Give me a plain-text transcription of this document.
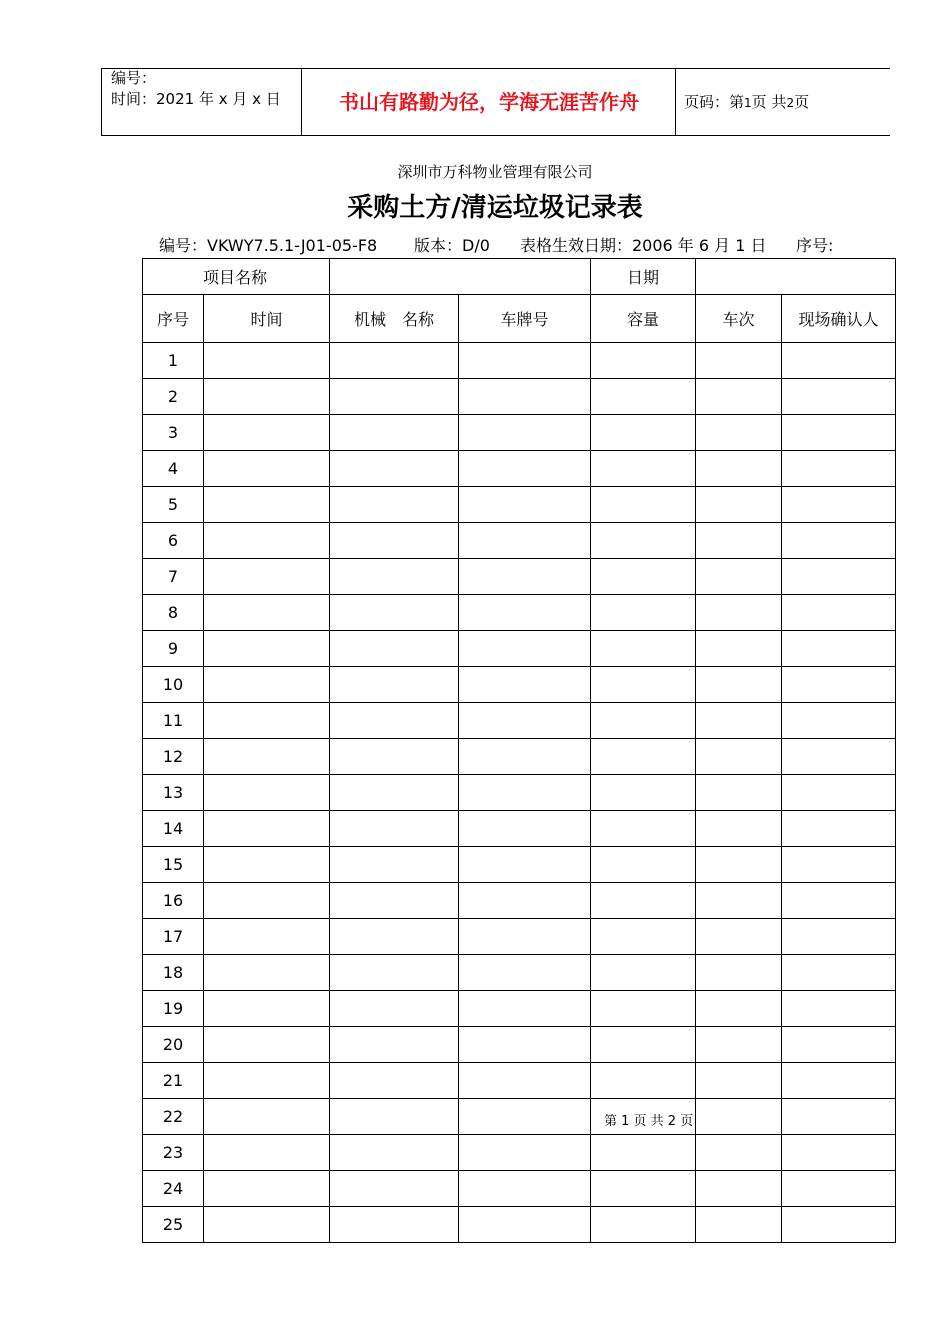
编号：
时间：2021 年 x 月 x 日	书山有路勤为径，学海无涯苦作舟	页码：第1页 共2页
深圳市万科物业管理有限公司
采购土方/清运垃圾记录表
编号：VKWY7.5.1-J01-05-F8 版本：D/0 表格生效日期：2006 年 6 月 1 日 序号:
项目名称				日期		
序号	时间	机械　名称	车牌号	容量	车次	现场确认人
1						
2						
3						
4						
5						
6						
7						
8						
9						
10						
11						
12						
13						
14						
15						
16						
17						
18						
19						
20						
21						
22						
23						
24						
25						
第 1 页 共 2 页
